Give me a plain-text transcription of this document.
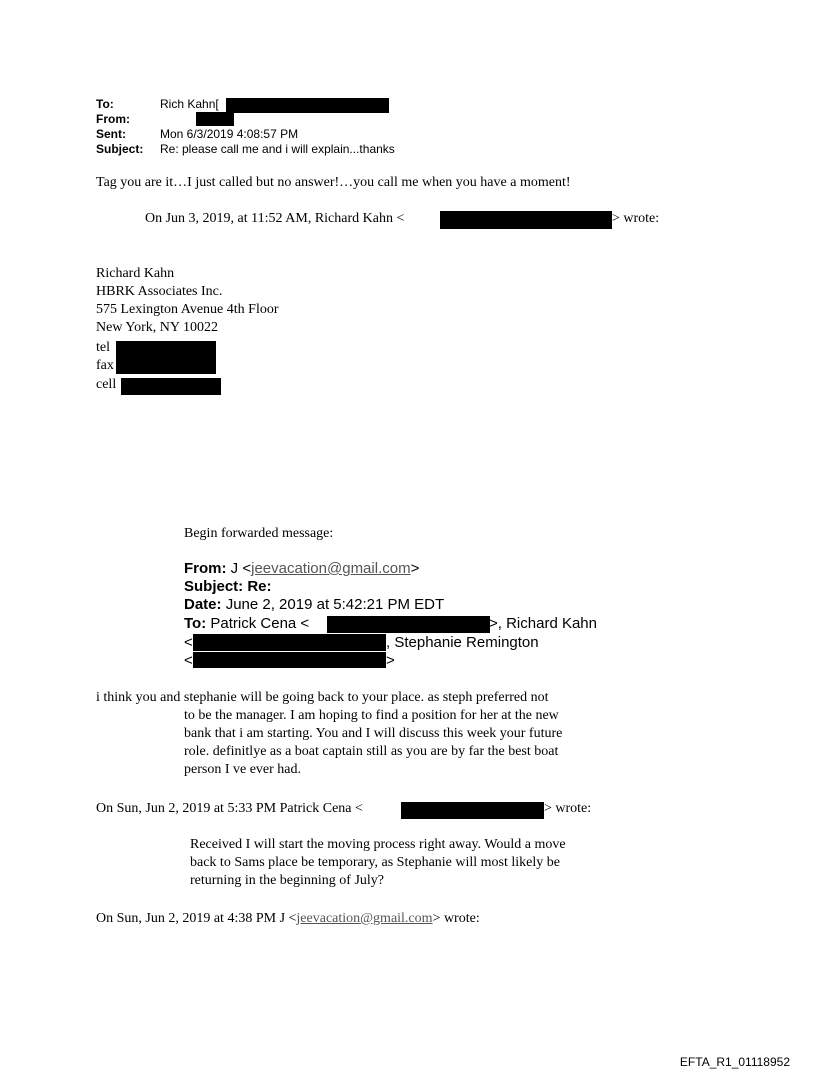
To:	Rich Kahn[
From:
Sent:	Mon 6/3/2019 4:08:57 PM
Subject: Re: please call me and i will explain...thanks
Tag you are it…I just called but no answer!…you call me when you have a moment!
On Jun 3, 2019, at 11:52 AM, Richard Kahn <	> wrote:
Richard Kahn
HBRK Associates Inc.
575 Lexington Avenue 4th Floor
New York, NY 10022
tel
fax
cell
Begin forwarded message:
From: J <jeevacation@gmail.com>
Subject: Re:
Date: June 2, 2019 at 5:42:21 PM EDT
To: Patrick Cena <	>, Richard Kahn
<	, Stephanie Remington
<	>
i think you and stephanie will be going back to your place. as steph preferred not
to be the manager. I am hoping to find a position for her at the new
bank that i am starting. You and I will discuss this week your future
role. definitlye as a boat captain still as you are by far the best boat
person I ve ever had.
On Sun, Jun 2, 2019 at 5:33 PM Patrick Cena <	> wrote:
Received I will start the moving process right away. Would a move
back to Sams place be temporary, as Stephanie will most likely be
returning in the beginning of July?
On Sun, Jun 2, 2019 at 4:38 PM J <jeevacation@gmail.com> wrote:
EFTA_R1_01118952
